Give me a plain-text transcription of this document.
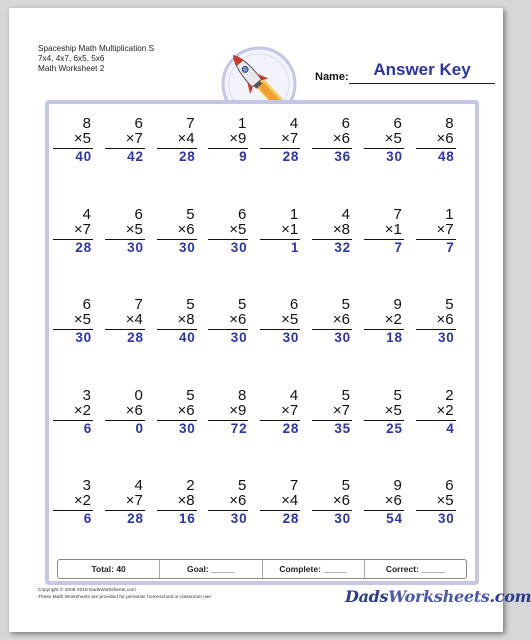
Spaceship Math Multiplication S
7x4, 4x7, 6x5, 5x6
Math Worksheet 2
Name:	Answer Key
8
×5
40
6
×7
42
7
×4
28
1
×9
9
4
×7
28
6
×6
36
6
×5
30
8
×6
48
4
×7
28
6
×5
30
5
×6
30
6
×5
30
1
×1
1
4
×8
32
7
×1
7
1
×7
7
6
×5
30
7
×4
28
5
×8
40
5
×6
30
6
×5
30
5
×6
30
9
×2
18
5
×6
30
3
×2
6
0
×6
0
5
×6
30
8
×9
72
4
×7
28
5
×7
35
5
×5
25
2
×2
4
3
×2
6
4
×7
28
2
×8
16
5
×6
30
7
×4
28
5
×6
30
9
×6
54
6
×5
30
Total: 40	Goal: _____	Complete: _____	Correct: _____
Copyright © 2008-2018 DadsWorksheets.com
These Math Worksheets are provided for personal, homeschool or classroom use.	DadsWorksheets.com
